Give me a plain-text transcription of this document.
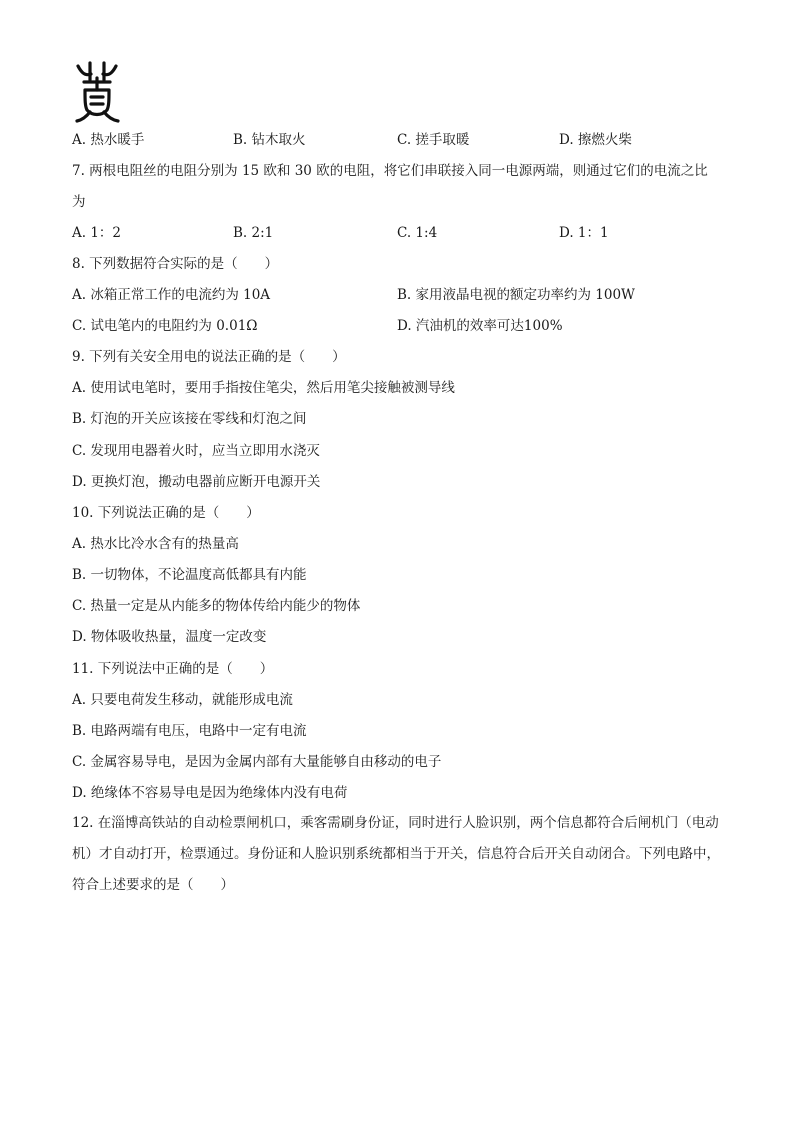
A. 热水暖手	B. 钻木取火	C. 搓手取暖	D. 擦燃火柴
7. 两根电阻丝的电阻分别为 15 欧和 30 欧的电阻，将它们串联接入同一电源两端，则通过它们的电流之比
为
A. 1：2	B. 2:1	C. 1:4	D. 1：1
8. 下列数据符合实际的是（　　）
A. 冰箱正常工作的电流约为 10A	B. 家用液晶电视的额定功率约为 100W
C. 试电笔内的电阻约为 0.01Ω	D. 汽油机的效率可达100%
9. 下列有关安全用电的说法正确的是（　　）
A. 使用试电笔时，要用手指按住笔尖，然后用笔尖接触被测导线
B. 灯泡的开关应该接在零线和灯泡之间
C. 发现用电器着火时，应当立即用水浇灭
D. 更换灯泡，搬动电器前应断开电源开关
10. 下列说法正确的是（　　）
A. 热水比冷水含有的热量高
B. 一切物体，不论温度高低都具有内能
C. 热量一定是从内能多的物体传给内能少的物体
D. 物体吸收热量，温度一定改变
11. 下列说法中正确的是（　　）
A. 只要电荷发生移动，就能形成电流
B. 电路两端有电压，电路中一定有电流
C. 金属容易导电，是因为金属内部有大量能够自由移动的电子
D. 绝缘体不容易导电是因为绝缘体内没有电荷
12. 在淄博高铁站的自动检票闸机口，乘客需刷身份证，同时进行人脸识别，两个信息都符合后闸机门（电动机）才自动打开，检票通过。身份证和人脸识别系统都相当于开关，信息符合后开关自动闭合。下列电路中，符合上述要求的是（　　）
